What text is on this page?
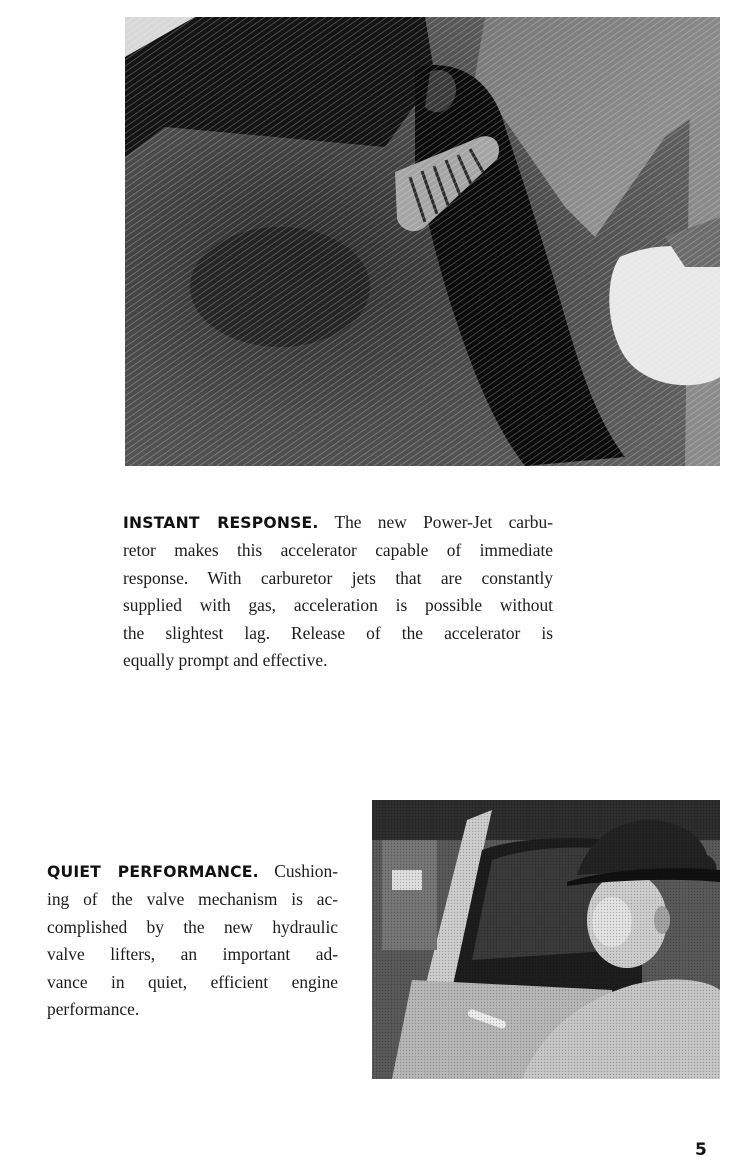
INSTANT RESPONSE. The new Power-Jet carbu-
retor makes this accelerator capable of immediate
response. With carburetor jets that are constantly
supplied with gas, acceleration is possible without
the slightest lag. Release of the accelerator is
equally prompt and effective.
QUIET PERFORMANCE. Cushion-
ing of the valve mechanism is ac-
complished by the new hydraulic
valve lifters, an important ad-
vance in quiet, efficient engine
performance.
5
